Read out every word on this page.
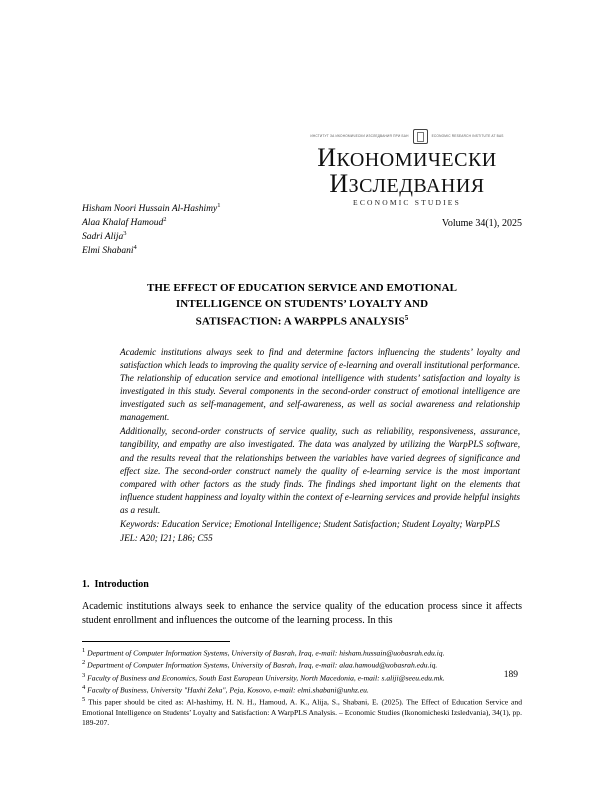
ИНСТИТУТ ЗА ИКОНОМИЧЕСКИ ИЗСЛЕДВАНИЯ ПРИ БАН	ECONOMIC RESEARCH INSTITUTE AT BAS
ИКОНОМИЧЕСКИ
ИЗСЛЕДВАНИЯ
ECONOMIC STUDIES
Hisham Noori Hussain Al-Hashimy$^1$
Alaa Khalaf Hamoud$^2$
Sadri Alija$^3$
Elmi Shabani$^4$
Volume 34(1), 2025
THE EFFECT OF EDUCATION SERVICE AND EMOTIONAL
INTELLIGENCE ON STUDENTS’ LOYALTY AND
SATISFACTION: A WARPPLS ANALYSIS$^5$

Academic institutions always seek to find and determine factors influencing the students’ loyalty and satisfaction which leads to improving the quality service of e-learning and overall institutional performance. The relationship of education service and emotional intelligence with students’ satisfaction and loyalty is investigated in this study. Several components in the second-order construct of emotional intelligence are investigated such as self-management, and self-awareness, as well as social awareness and relationship management.

Additionally, second-order constructs of service quality, such as reliability, responsiveness, assurance, tangibility, and empathy are also investigated. The data was analyzed by utilizing the WarpPLS software, and the results reveal that the relationships between the variables have varied degrees of significance and effect size. The second-order construct namely the quality of e-learning service is the most important compared with other factors as the study finds. The findings shed important light on the elements that influence student happiness and loyalty within the context of e-learning services and provide helpful insights as a result.

Keywords: Education Service; Emotional Intelligence; Student Satisfaction; Student Loyalty; WarpPLS

JEL: A20; I21; L86; C55

1. Introduction
Academic institutions always seek to enhance the service quality of the education process since it affects student enrollment and influences the outcome of the learning process. In this

1 Department of Computer Information Systems, University of Basrah, Iraq, e-mail: hisham.hussain@uobasrah.edu.iq.

2 Department of Computer Information Systems, University of Basrah, Iraq, e-mail: alaa.hamoud@uobasrah.edu.iq.

3 Faculty of Business and Economics, South East European University, North Macedonia, e-mail: s.aliji@seeu.edu.mk.

4 Faculty of Business, University "Haxhi Zeka", Peja, Kosovo, e-mail: elmi.shabani@unhz.eu.

5 This paper should be cited as: Al-hashimy, H. N. H., Hamoud, A. K., Alija, S., Shabani, E. (2025). The Effect of Education Service and Emotional Intelligence on Students’ Loyalty and Satisfaction: A WarpPLS Analysis. – Economic Studies (Ikonomicheski Izsledvania), 34(1), pp. 189-207.

189
